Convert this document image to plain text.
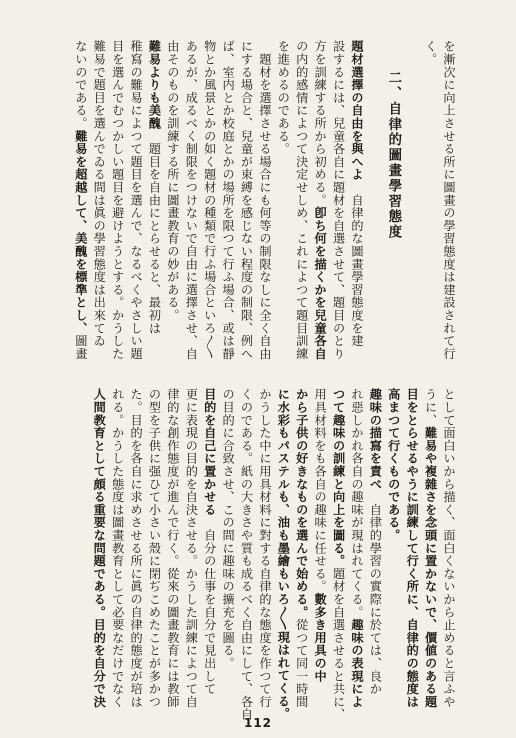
を漸次に向上させる所に圖畫の學習態度は建設されて行
く。

　　二、自律的圖畫學習態度

題材選擇の自由を與へよ　自律的な圖畫學習態度を建
設するには、兒童各自に題材を自選させて、題目のとり
方を訓練する所から初める。卽ち何を描くかを兒童各自
の内的感情によつて決定せしめ、これによつて題目訓練
を進めるのである。
　題材を選擇させる場合にも何等の制限なしに全く自由
にする場合と、兒童が束縛を感じない程度の制限、例へ
ば、室内とか校庭とかの場所を限つて行ふ場合、或は靜
物とか風景とかの如く題材の種類で行ふ場合といろ〳〵
あるが、成るべく制限をつけないで自由に選擇させ、自
由そのものを訓練する所に圖畫教育の妙がある。
難易よりも美醜　題目を自由にとらせると、最初は
稚寫の難易によつて題目を選んで、なるべくやさしい題
目を選んでむつかしい題目を避けようとする。かうした
難易で題目を選んでゐる間は眞の學習態度は出來てゐ
ないのである。難易を超越して、美醜を標準とし、圖畫
として面白いから描く、面白くないから止めると言ふや
うに、難易や複雜さを念頭に置かないで、價値のある題
目をとらせるやうに訓練して行く所に、自律的の態度は
高まつて行くものである。
趣味の描寫を責べ　自律的學習の實際に於ては、良か
れ惡しかれ各自の趣味が現はれてくる。趣味の表現によ
つて趣味の訓練と向上を圖る。題材を自選させると共に、
用具材料をも各自の趣味に任せる。數多き用具の中
から子供の好きなものを選んで始める。從つて同一時間
に水彩もパステルも、油も墨繪もいろ〳〵現はれてくる。
かうした中に用具材料に對する自律的な態度を作つて行
くのである。紙の大きさや質も成るべく自由にして、各自
の目的に合致させ、この間に趣味の擴充を圖る。
目的を自己に置かせる　自分の仕事を自分で見出して
更に表現の目的を自決させる。かうした訓練によつて自
律的な創作態度が進んで行く。從來の圖畫教育には教師
の型を子供に强ひて小さい殼に閉ぢこめたことが多かつ
た。目的を各自に求めさせる所に眞の自律的態度が培は
れる。かうした態度は圖畫教育として必要なだけでなく
人間教育として頗る重要な問題である。目的を自分で決
112
